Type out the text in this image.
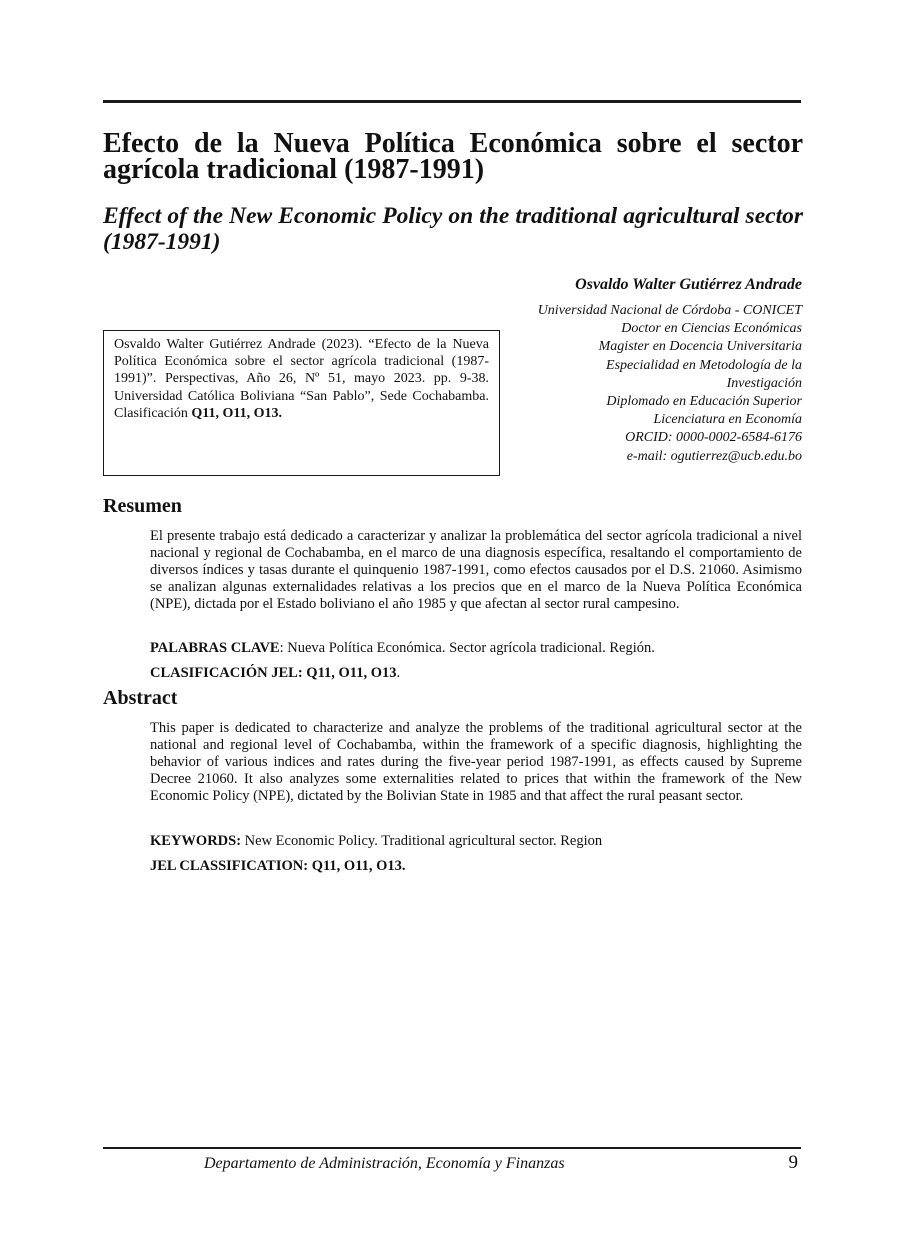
Efecto de la Nueva Política Económica sobre el sector agrícola tradicional (1987-1991)
Effect of the New Economic Policy on the traditional agricultural sector (1987-1991)

Osvaldo Walter Gutiérrez Andrade

Universidad Nacional de Córdoba - CONICET
Doctor en Ciencias Económicas
Magister en Docencia Universitaria
Especialidad en Metodología de la
Investigación
Diplomado en Educación Superior
Licenciatura en Economía
ORCID: 0000-0002-6584-6176
e-mail: ogutierrez@ucb.edu.bo
Osvaldo Walter Gutiérrez Andrade (2023). “Efecto de la Nueva Política Económica sobre el sector agrícola tradicional (1987-1991)”. Perspectivas, Año 26, Nº 51, mayo 2023. pp. 9-38. Universidad Católica Boliviana “San Pablo”, Sede Cochabamba. Clasificación Q11, O11, O13.
Resumen

El presente trabajo está dedicado a caracterizar y analizar la problemática del sector agrícola tradicional a nivel nacional y regional de Cochabamba, en el marco de una diagnosis específica, resaltando el comportamiento de diversos índices y tasas durante el quinquenio 1987-1991, como efectos causados por el D.S. 21060. Asimismo se analizan algunas externalidades relativas a los precios que en el marco de la Nueva Política Económica (NPE), dictada por el Estado boliviano el año 1985 y que afectan al sector rural campesino.

PALABRAS CLAVE: Nueva Política Económica. Sector agrícola tradicional. Región.

CLASIFICACIÓN JEL: Q11, O11, O13.

Abstract

This paper is dedicated to characterize and analyze the problems of the traditional agricultural sector at the national and regional level of Cochabamba, within the framework of a specific diagnosis, highlighting the behavior of various indices and rates during the five-year period 1987-1991, as effects caused by Supreme Decree 21060. It also analyzes some externalities related to prices that within the framework of the New Economic Policy (NPE), dictated by the Bolivian State in 1985 and that affect the rural peasant sector.

KEYWORDS: New Economic Policy. Traditional agricultural sector. Region

JEL CLASSIFICATION: Q11, O11, O13.

Departamento de Administración, Economía y Finanzas	9
